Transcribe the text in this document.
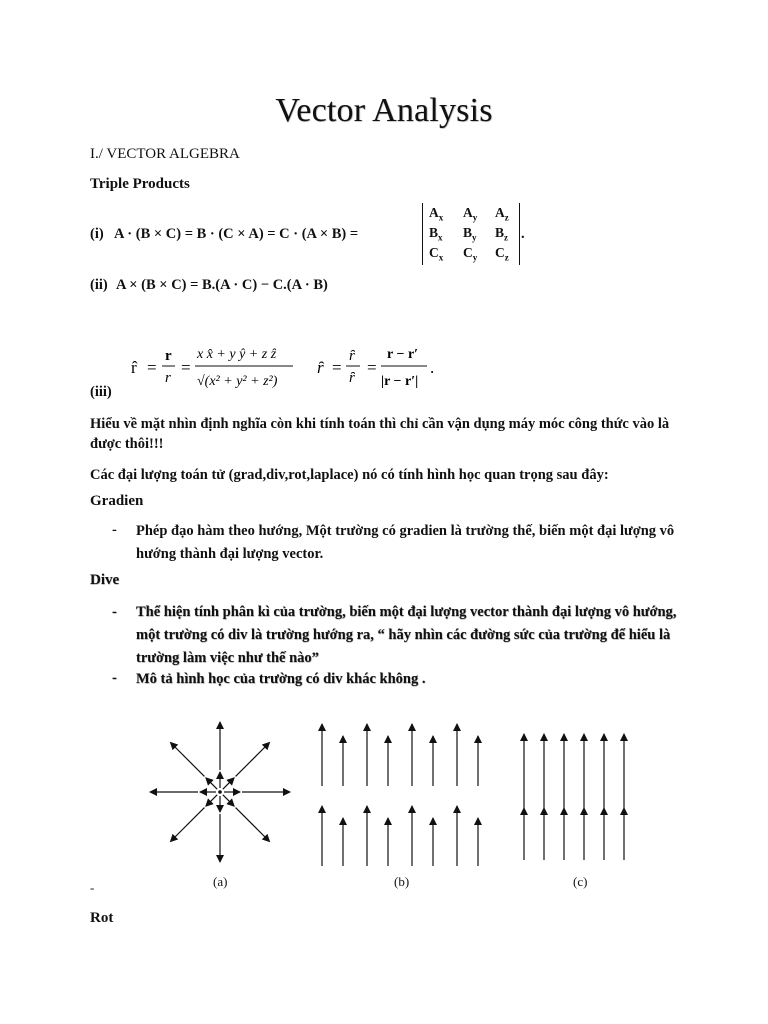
Vector Analysis
I./ VECTOR ALGEBRA
Triple Products
(i) A · (B × C) = B · (C × A) = C · (A × B) =
$A_x$ $A_y$ $A_z$
$B_x$ $B_y$ $B_z$
$C_x$ $C_y$ $C_z$
.
(ii) A × (B × C) = B.(A · C) − C.(A · B)
(iii)
r̂ =
r
r
=
x x̂ + y ŷ + z ẑ
√(x² + y² + z²)
ȓ =
ȓ
ȓ
=
r − r′
|r − r′|
.
Hiểu về mặt nhìn định nghĩa còn khi tính toán thì chỉ cần vận dụng máy móc công thức vào là được thôi!!!
Các đại lượng toán tử (grad,div,rot,laplace) nó có tính hình học quan trọng sau đây:
Gradien
- Phép đạo hàm theo hướng, Một trường có gradien là trường thế, biến một đại lượng vô hướng thành đại lượng vector.
Dive
- Thể hiện tính phân kì của trường, biến một đại lượng vector thành đại lượng vô hướng, một trường có div là trường hướng ra, “ hãy nhìn các đường sức của trường để hiểu là trường làm việc như thế nào”
- Mô tả hình học của trường có div khác không .
(a)	(b)	(c)
-
Rot
